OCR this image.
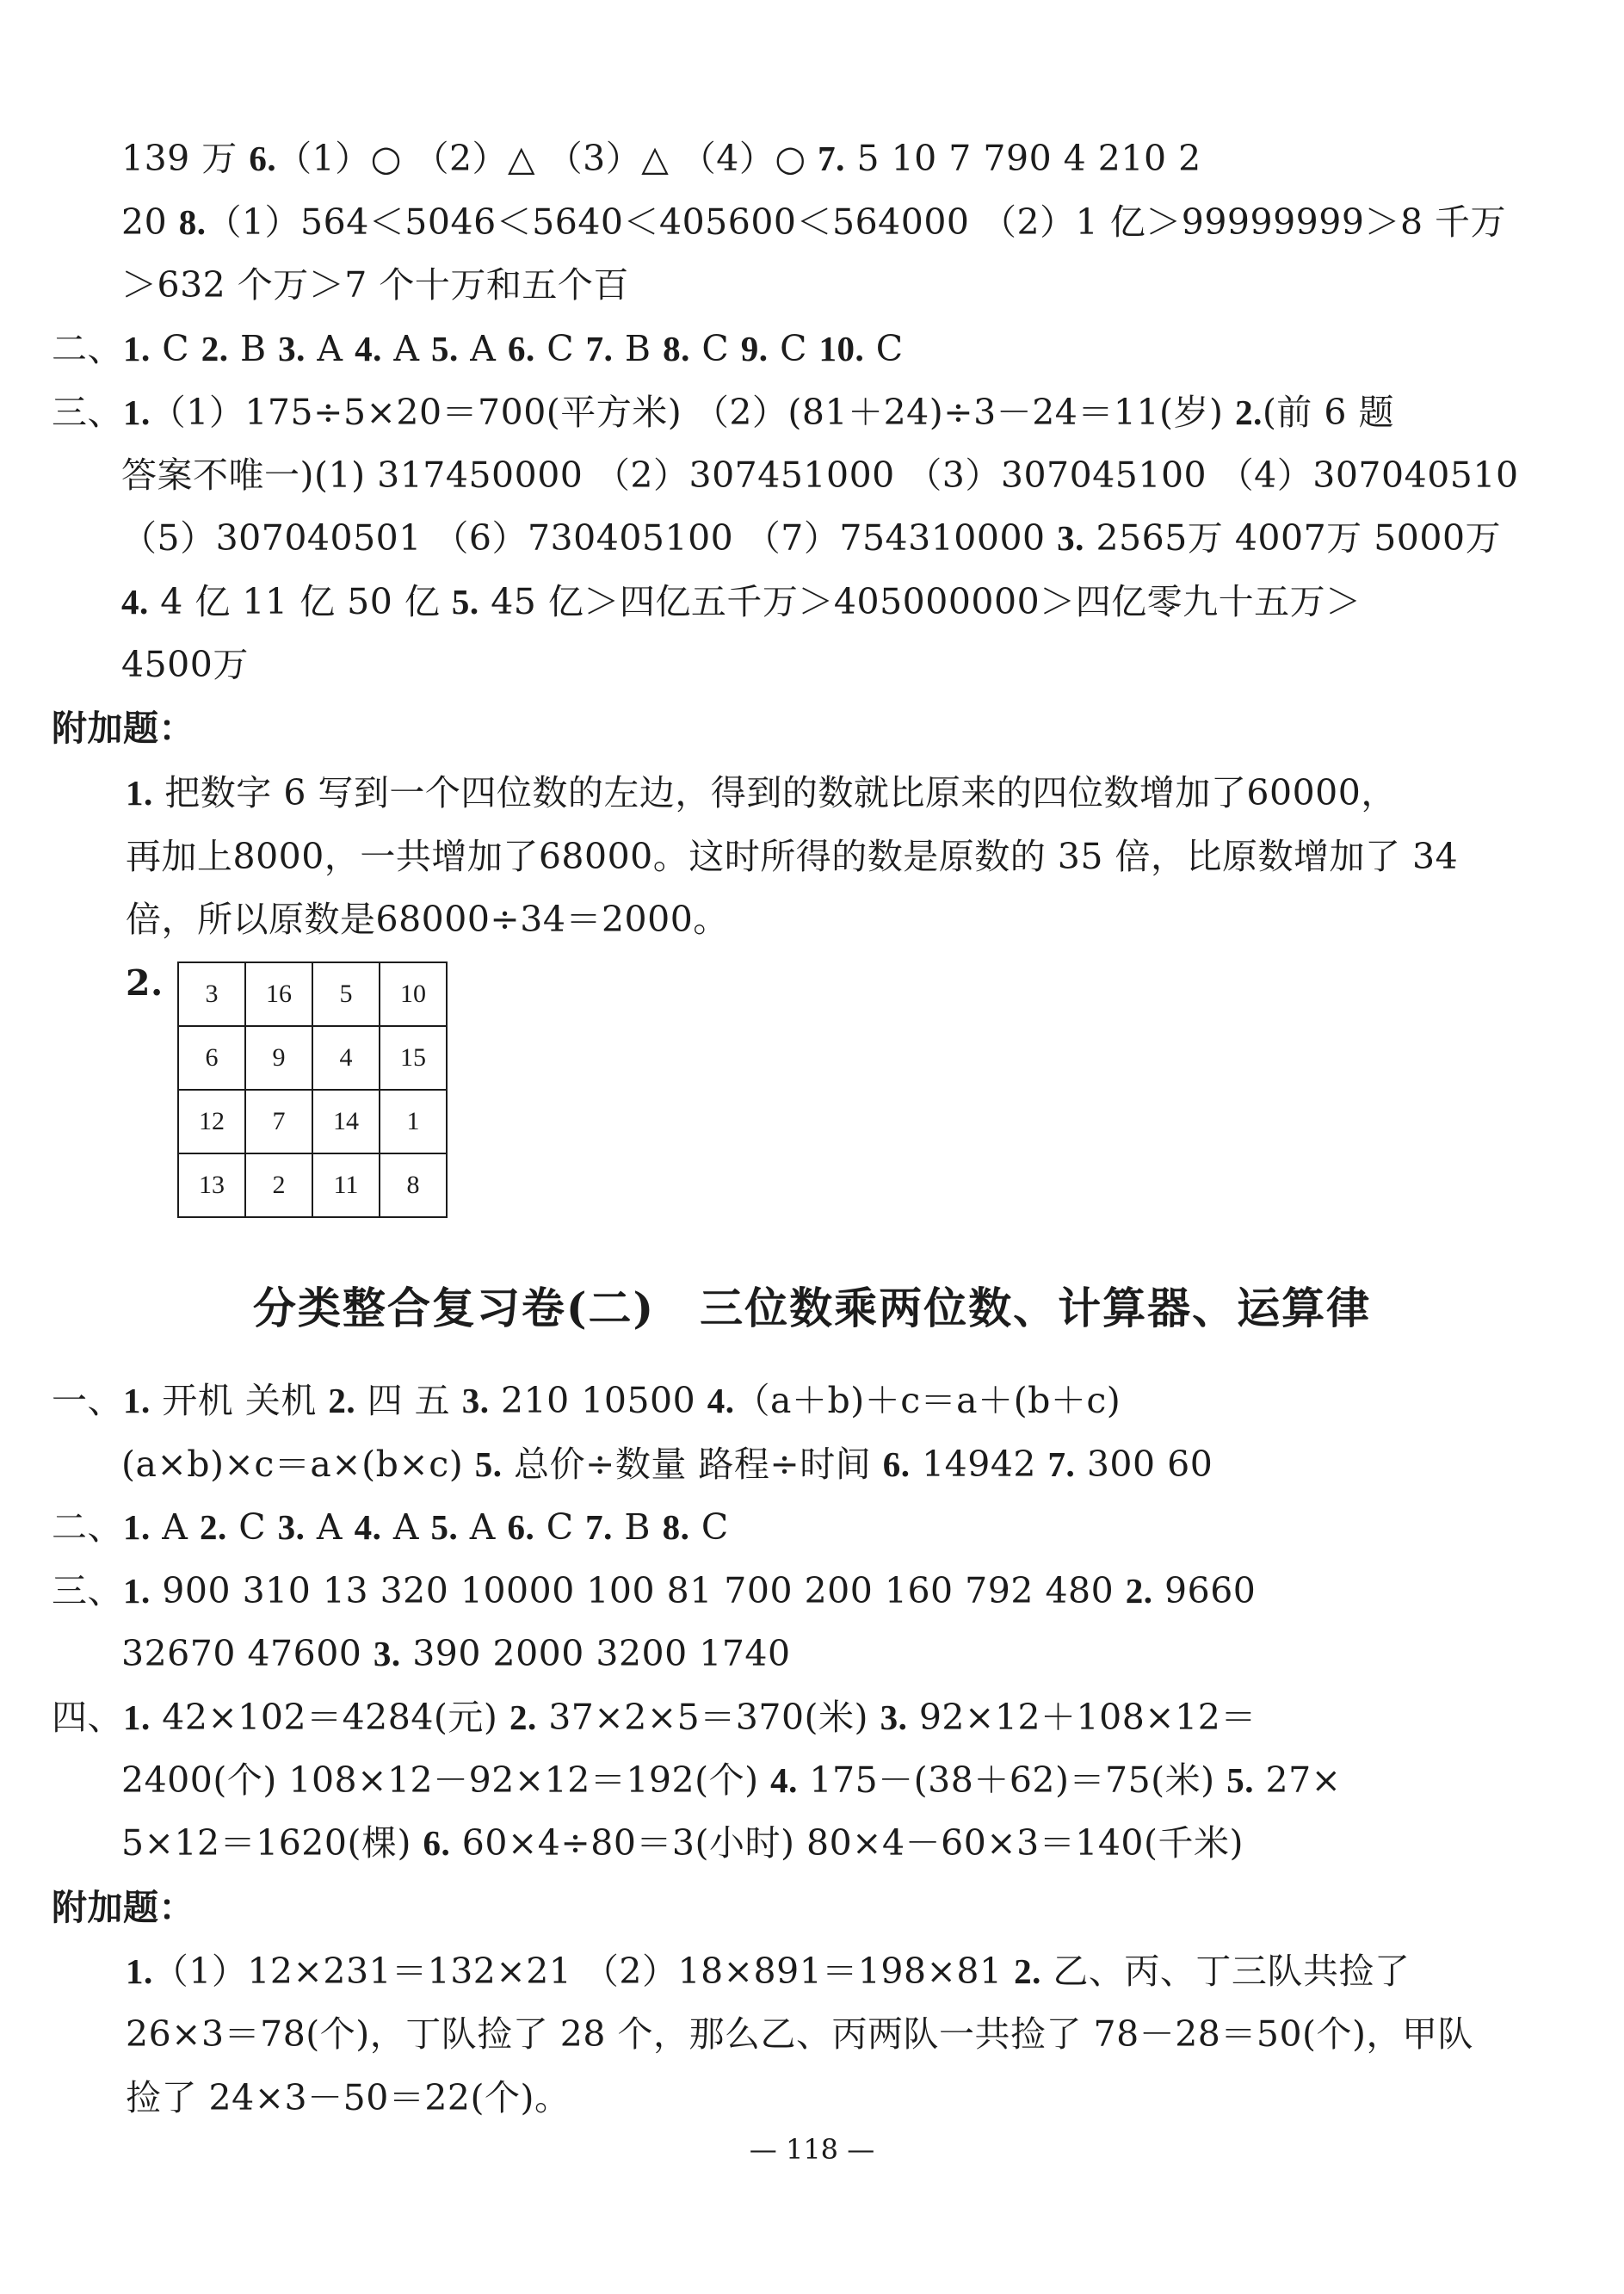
139 万 6.（1）○ （2）△ （3）△ （4）○ 7. 5 10 7 790 4 210 2
20 8.（1）564＜5046＜5640＜405600＜564000 （2）1 亿＞99999999＞8 千万
＞632 个万＞7 个十万和五个百
二、1. C 2. B 3. A 4. A 5. A 6. C 7. B 8. C 9. C 10. C
三、1.（1）175÷5×20＝700(平方米) （2）(81＋24)÷3－24＝11(岁) 2.(前 6 题
答案不唯一)(1) 317450000 （2）307451000 （3）307045100 （4）307040510
（5）307040501 （6）730405100 （7）754310000 3. 2565万 4007万 5000万
4. 4 亿 11 亿 50 亿 5. 45 亿＞四亿五千万＞405000000＞四亿零九十五万＞
4500万
附加题：
1. 把数字 6 写到一个四位数的左边，得到的数就比原来的四位数增加了60000，
再加上8000，一共增加了68000。这时所得的数是原数的 35 倍，比原数增加了 34
倍，所以原数是68000÷34＝2000。
2. 3	16	5	10
6	9	4	15
12	7	14	1
13	2	11	8
分类整合复习卷(二)　三位数乘两位数、计算器、运算律
一、1. 开机 关机 2. 四 五 3. 210 10500 4.（a＋b)＋c＝a＋(b＋c)
(a×b)×c＝a×(b×c) 5. 总价÷数量 路程÷时间 6. 14942 7. 300 60
二、1. A 2. C 3. A 4. A 5. A 6. C 7. B 8. C
三、1. 900 310 13 320 10000 100 81 700 200 160 792 480 2. 9660
32670 47600 3. 390 2000 3200 1740
四、1. 42×102＝4284(元) 2. 37×2×5＝370(米) 3. 92×12＋108×12＝
2400(个) 108×12－92×12＝192(个) 4. 175－(38＋62)＝75(米) 5. 27×
5×12＝1620(棵) 6. 60×4÷80＝3(小时) 80×4－60×3＝140(千米)
附加题：
1.（1）12×231＝132×21 （2）18×891＝198×81 2. 乙、丙、丁三队共捡了
26×3＝78(个)，丁队捡了 28 个，那么乙、丙两队一共捡了 78－28＝50(个)，甲队
捡了 24×3－50＝22(个)。
— 118 —
